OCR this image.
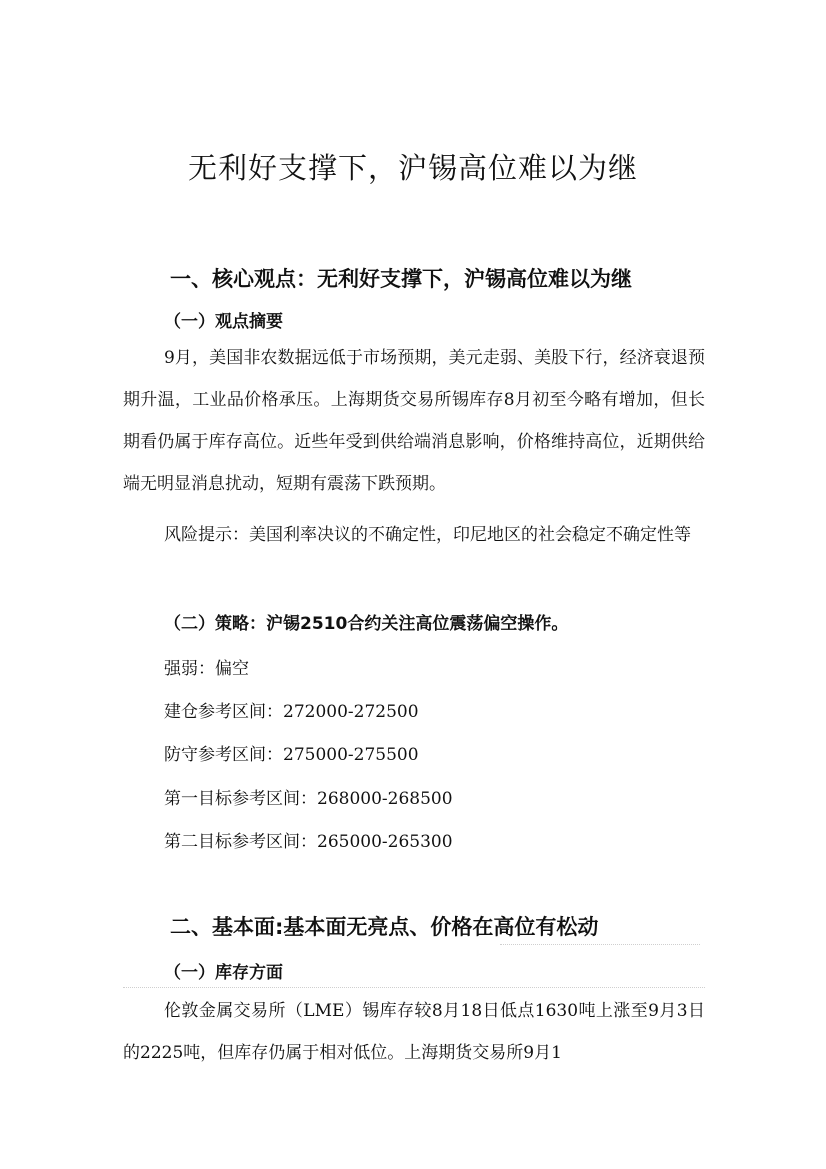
无利好支撑下，沪锡高位难以为继
一、核心观点：无利好支撑下，沪锡高位难以为继
（一）观点摘要

9月，美国非农数据远低于市场预期，美元走弱、美股下行，经济衰退预期升温，工业品价格承压。上海期货交易所锡库存8月初至今略有增加，但长期看仍属于库存高位。近些年受到供给端消息影响，价格维持高位，近期供给端无明显消息扰动，短期有震荡下跌预期。

风险提示：美国利率决议的不确定性，印尼地区的社会稳定不确定性等

（二）策略：沪锡2510合约关注高位震荡偏空操作。
强弱：偏空
建仓参考区间：272000-272500
防守参考区间：275000-275500
第一目标参考区间：268000-268500
第二目标参考区间：265000-265300
二、基本面:基本面无亮点、价格在高位有松动
（一）库存方面

伦敦金属交易所（LME）锡库存较8月18日低点1630吨上涨至9月3日的2225吨，但库存仍属于相对低位。上海期货交易所9月1
